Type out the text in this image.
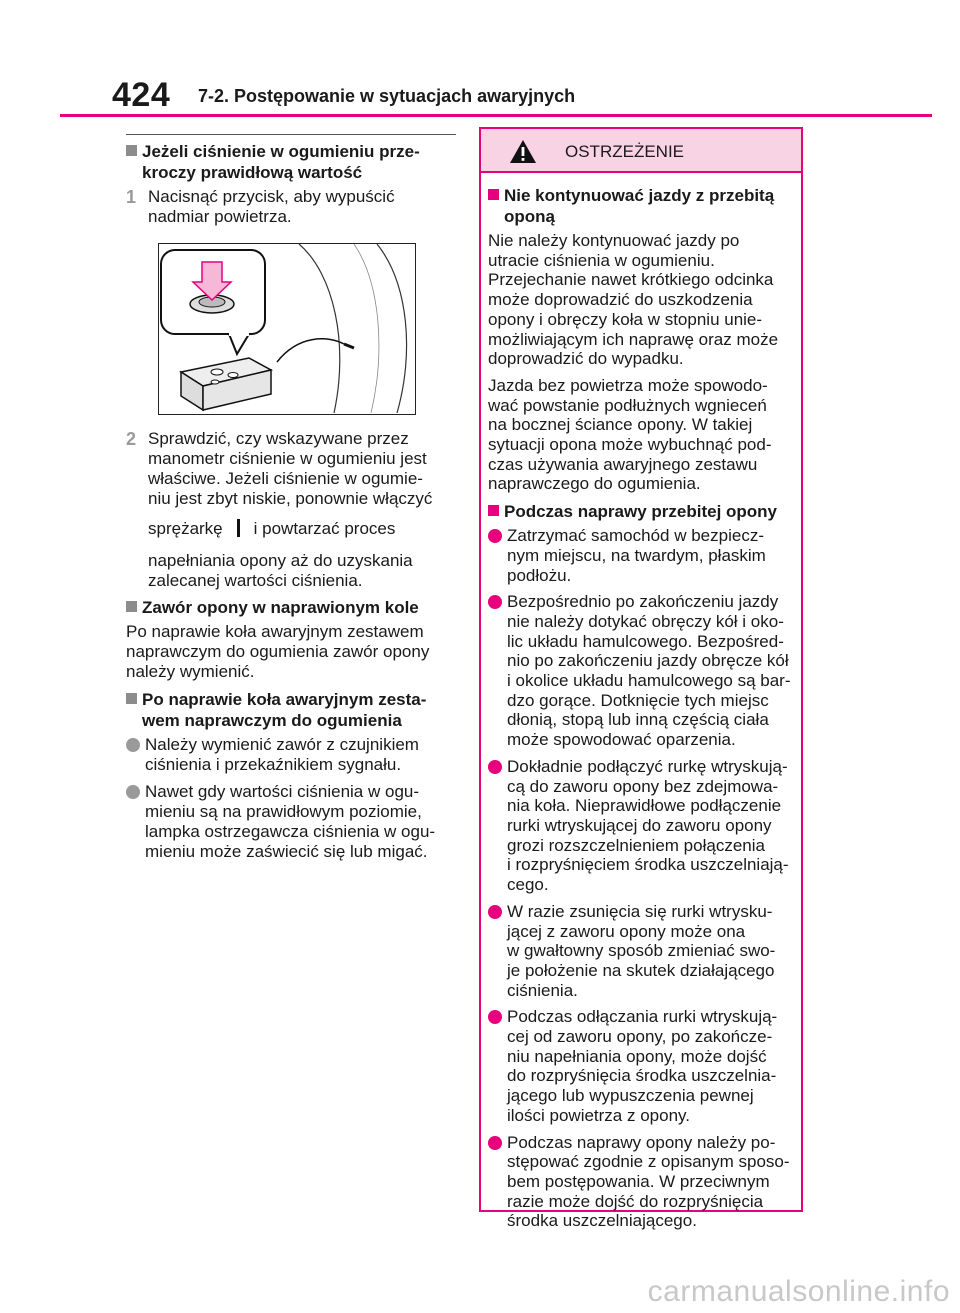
424 7-2. Postępowanie w sytuacjach awaryjnych
Jeżeli ciśnienie w ogumieniu prze-
kroczy prawidłową wartość
1 Nacisnąć przycisk, aby wypuścić
nadmiar powietrza.
2 Sprawdzić, czy wskazywane przez
manometr ciśnienie w ogumieniu jest
właściwe. Jeżeli ciśnienie w ogumie-
niu jest zbyt niskie, ponownie włączyć
sprężarkę i powtarzać proces
napełniania opony aż do uzyskania
zalecanej wartości ciśnienia.
Zawór opony w naprawionym kole
Po naprawie koła awaryjnym zestawem
naprawczym do ogumienia zawór opony
należy wymienić.
Po naprawie koła awaryjnym zesta-
wem naprawczym do ogumienia
Należy wymienić zawór z czujnikiem
ciśnienia i przekaźnikiem sygnału.
Nawet gdy wartości ciśnienia w ogu-
mieniu są na prawidłowym poziomie,
lampka ostrzegawcza ciśnienia w ogu-
mieniu może zaświecić się lub migać.
OSTRZEŻENIE
Nie kontynuować jazdy z przebitą
oponą
Nie należy kontynuować jazdy po
utracie ciśnienia w ogumieniu.
Przejechanie nawet krótkiego odcinka
może doprowadzić do uszkodzenia
opony i obręczy koła w stopniu unie-
możliwiającym ich naprawę oraz może
doprowadzić do wypadku.
Jazda bez powietrza może spowodo-
wać powstanie podłużnych wgnieceń
na bocznej ściance opony. W takiej
sytuacji opona może wybuchnąć pod-
czas używania awaryjnego zestawu
naprawczego do ogumienia.
Podczas naprawy przebitej opony
Zatrzymać samochód w bezpiecz-
nym miejscu, na twardym, płaskim
podłożu.
Bezpośrednio po zakończeniu jazdy
nie należy dotykać obręczy kół i oko-
lic układu hamulcowego. Bezpośred-
nio po zakończeniu jazdy obręcze kół
i okolice układu hamulcowego są bar-
dzo gorące. Dotknięcie tych miejsc
dłonią, stopą lub inną częścią ciała
może spowodować oparzenia.
Dokładnie podłączyć rurkę wtryskują-
cą do zaworu opony bez zdejmowa-
nia koła. Nieprawidłowe podłączenie
rurki wtryskującej do zaworu opony
grozi rozszczelnieniem połączenia
i rozpryśnięciem środka uszczelniają-
cego.
W razie zsunięcia się rurki wtrysku-
jącej z zaworu opony może ona
w gwałtowny sposób zmieniać swo-
je położenie na skutek działającego
ciśnienia.
Podczas odłączania rurki wtryskują-
cej od zaworu opony, po zakończe-
niu napełniania opony, może dojść
do rozpryśnięcia środka uszczelnia-
jącego lub wypuszczenia pewnej
ilości powietrza z opony.
Podczas naprawy opony należy po-
stępować zgodnie z opisanym sposo-
bem postępowania. W przeciwnym
razie może dojść do rozpryśnięcia
środka uszczelniającego.
carmanualsonline.info
